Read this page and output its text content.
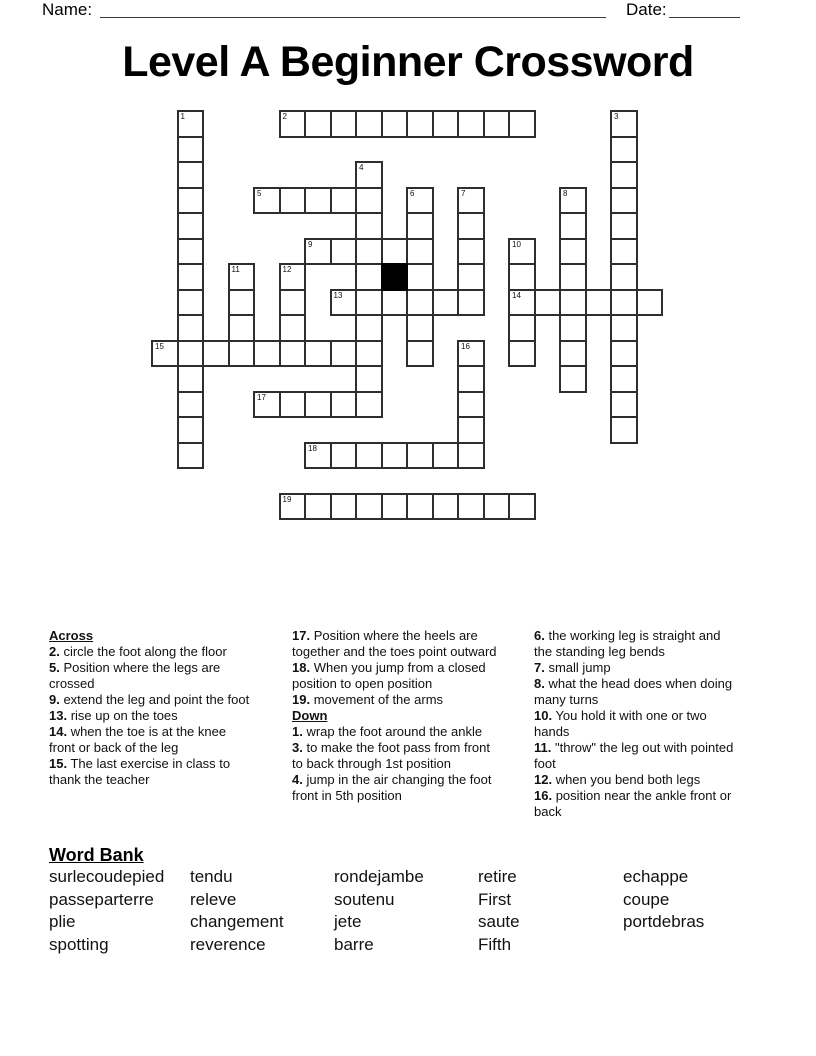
Name:	Date:
Level A Beginner Crossword
1	2	3
4
5	6	7	8
9	10
11	12
13	14
15	16
17
18
19
Across
2. circle the foot along the floor
5. Position where the legs are crossed
9. extend the leg and point the foot
13. rise up on the toes
14. when the toe is at the knee front or back of the leg
15. The last exercise in class to thank the teacher
17. Position where the heels are together and the toes point outward
18. When you jump from a closed position to open position
19. movement of the arms
Down
1. wrap the foot around the ankle
3. to make the foot pass from front to back through 1st position
4. jump in the air changing the foot front in 5th position
6. the working leg is straight and the standing leg bends
7. small jump
8. what the head does when doing many turns
10. You hold it with one or two hands
11. "throw" the leg out with pointed foot
12. when you bend both legs
16. position near the ankle front or back
Word Bank
surlecoudepied
passeparterre
plie
spotting
tendu
releve
changement
reverence
rondejambe
soutenu
jete
barre
retire
First
saute
Fifth
echappe
coupe
portdebras
